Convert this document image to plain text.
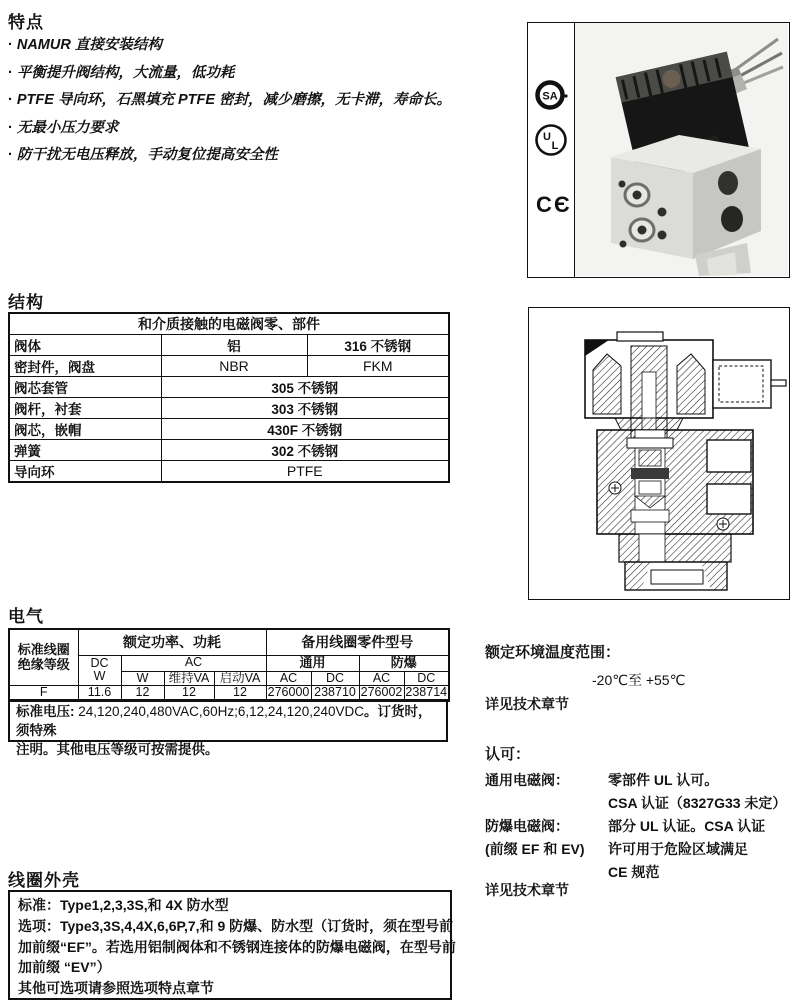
特点
· NAMUR 直接安装结构
· 平衡提升阀结构，大流量，低功耗
· PTFE 导向环，石黑填充 PTFE 密封，减少磨擦，无卡滞，寿命长。
· 无最小压力要求
· 防干扰无电压释放，手动复位提高安全性
SA
U
L
C Є
结构
和介质接触的电磁阀零、部件		
阀体	铝	316 不锈钢
密封件，阀盘	NBR	FKM
阀芯套管	305 不锈钢	
阀杆，衬套	303 不锈钢	
阀芯，嵌帽	430F 不锈钢	
弹簧	302 不锈钢	
导向环	PTFE	
电气
标准线圈
绝缘等级	额定功率、功耗				备用线圈零件型号			
	DC
W	AC			通用		防爆	
		W	维持VA	启动VA	AC	DC	AC	DC
F	11.6	12	12	12	276000	238710	276002	238714
标准电压: 24,120,240,480VAC,60Hz;6,12,24,120,240VDC。订货时，须特殊
注明。其他电压等级可按需提供。
额定环境温度范围：
-20℃至 +55℃
详见技术章节
认可：
通用电磁阀：	零部件 UL 认可。
CSA 认证（8327G33 未定）
防爆电磁阀：	部分 UL 认证。CSA 认证
(前缀 EF 和 EV)	许可用于危险区域满足
CE 规范
详见技术章节
线圈外壳
标准：Type1,2,3,3S,和 4X 防水型
选项：Type3,3S,4,4X,6,6P,7,和 9 防爆、防水型（订货时，须在型号前
加前缀“EF”。若选用铝制阀体和不锈钢连接体的防爆电磁阀，在型号前
加前缀 “EV”）
其他可选项请参照选项特点章节
